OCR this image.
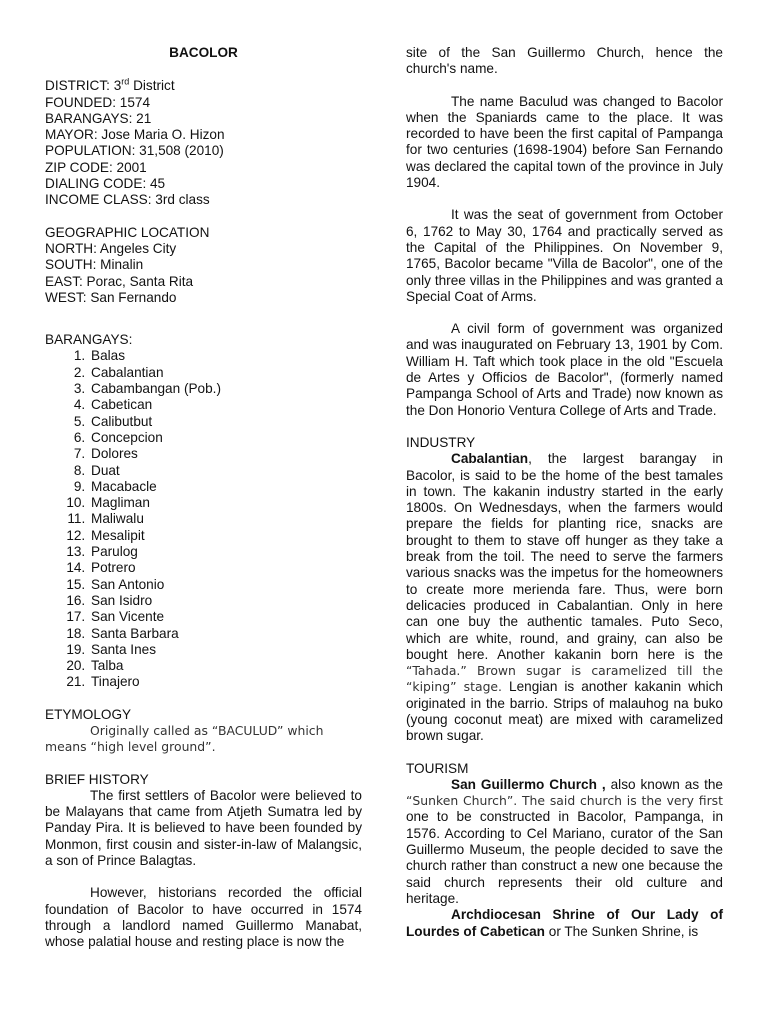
BACOLOR
DISTRICT: 3rd District
FOUNDED: 1574
BARANGAYS: 21
MAYOR: Jose Maria O. Hizon
POPULATION: 31,508 (2010)
ZIP CODE: 2001
DIALING CODE: 45
INCOME CLASS: 3rd class
GEOGRAPHIC LOCATION
NORTH: Angeles City
SOUTH: Minalin
EAST: Porac, Santa Rita
WEST: San Fernando
BARANGAYS:
1. Balas
2. Cabalantian
3. Cabambangan (Pob.)
4. Cabetican
5. Calibutbut
6. Concepcion
7. Dolores
8. Duat
9. Macabacle
10. Magliman
11. Maliwalu
12. Mesalipit
13. Parulog
14. Potrero
15. San Antonio
16. San Isidro
17. San Vicente
18. Santa Barbara
19. Santa Ines
20. Talba
21. Tinajero
ETYMOLOGY
Originally called as “BACULUD” which means “high level ground”.
BRIEF HISTORY
The first settlers of Bacolor were believed to be Malayans that came from Atjeth Sumatra led by Panday Pira. It is believed to have been founded by Monmon, first cousin and sister-in-law of Malangsic, a son of Prince Balagtas.
However, historians recorded the official foundation of Bacolor to have occurred in 1574 through a landlord named Guillermo Manabat, whose palatial house and resting place is now the
site of the San Guillermo Church, hence the church's name.
The name Baculud was changed to Bacolor when the Spaniards came to the place. It was recorded to have been the first capital of Pampanga for two centuries (1698-1904) before San Fernando was declared the capital town of the province in July 1904.
It was the seat of government from October 6, 1762 to May 30, 1764 and practically served as the Capital of the Philippines. On November 9, 1765, Bacolor became "Villa de Bacolor", one of the only three villas in the Philippines and was granted a Special Coat of Arms.
A civil form of government was organized and was inaugurated on February 13, 1901 by Com. William H. Taft which took place in the old "Escuela de Artes y Officios de Bacolor", (formerly named Pampanga School of Arts and Trade) now known as the Don Honorio Ventura College of Arts and Trade.
INDUSTRY
Cabalantian, the largest barangay in Bacolor, is said to be the home of the best tamales in town. The kakanin industry started in the early 1800s. On Wednesdays, when the farmers would prepare the fields for planting rice, snacks are brought to them to stave off hunger as they take a break from the toil. The need to serve the farmers various snacks was the impetus for the homeowners to create more merienda fare. Thus, were born delicacies produced in Cabalantian. Only in here can one buy the authentic tamales. Puto Seco, which are white, round, and grainy, can also be bought here. Another kakanin born here is the “Tahada.” Brown sugar is caramelized till the “kiping” stage. Lengian is another kakanin which originated in the barrio. Strips of malauhog na buko (young coconut meat) are mixed with caramelized brown sugar.
TOURISM
San Guillermo Church , also known as the “Sunken Church”. The said church is the very first one to be constructed in Bacolor, Pampanga, in 1576. According to Cel Mariano, curator of the San Guillermo Museum, the people decided to save the church rather than construct a new one because the said church represents their old culture and heritage.
Archdiocesan Shrine of Our Lady of Lourdes of Cabetican or The Sunken Shrine, is
